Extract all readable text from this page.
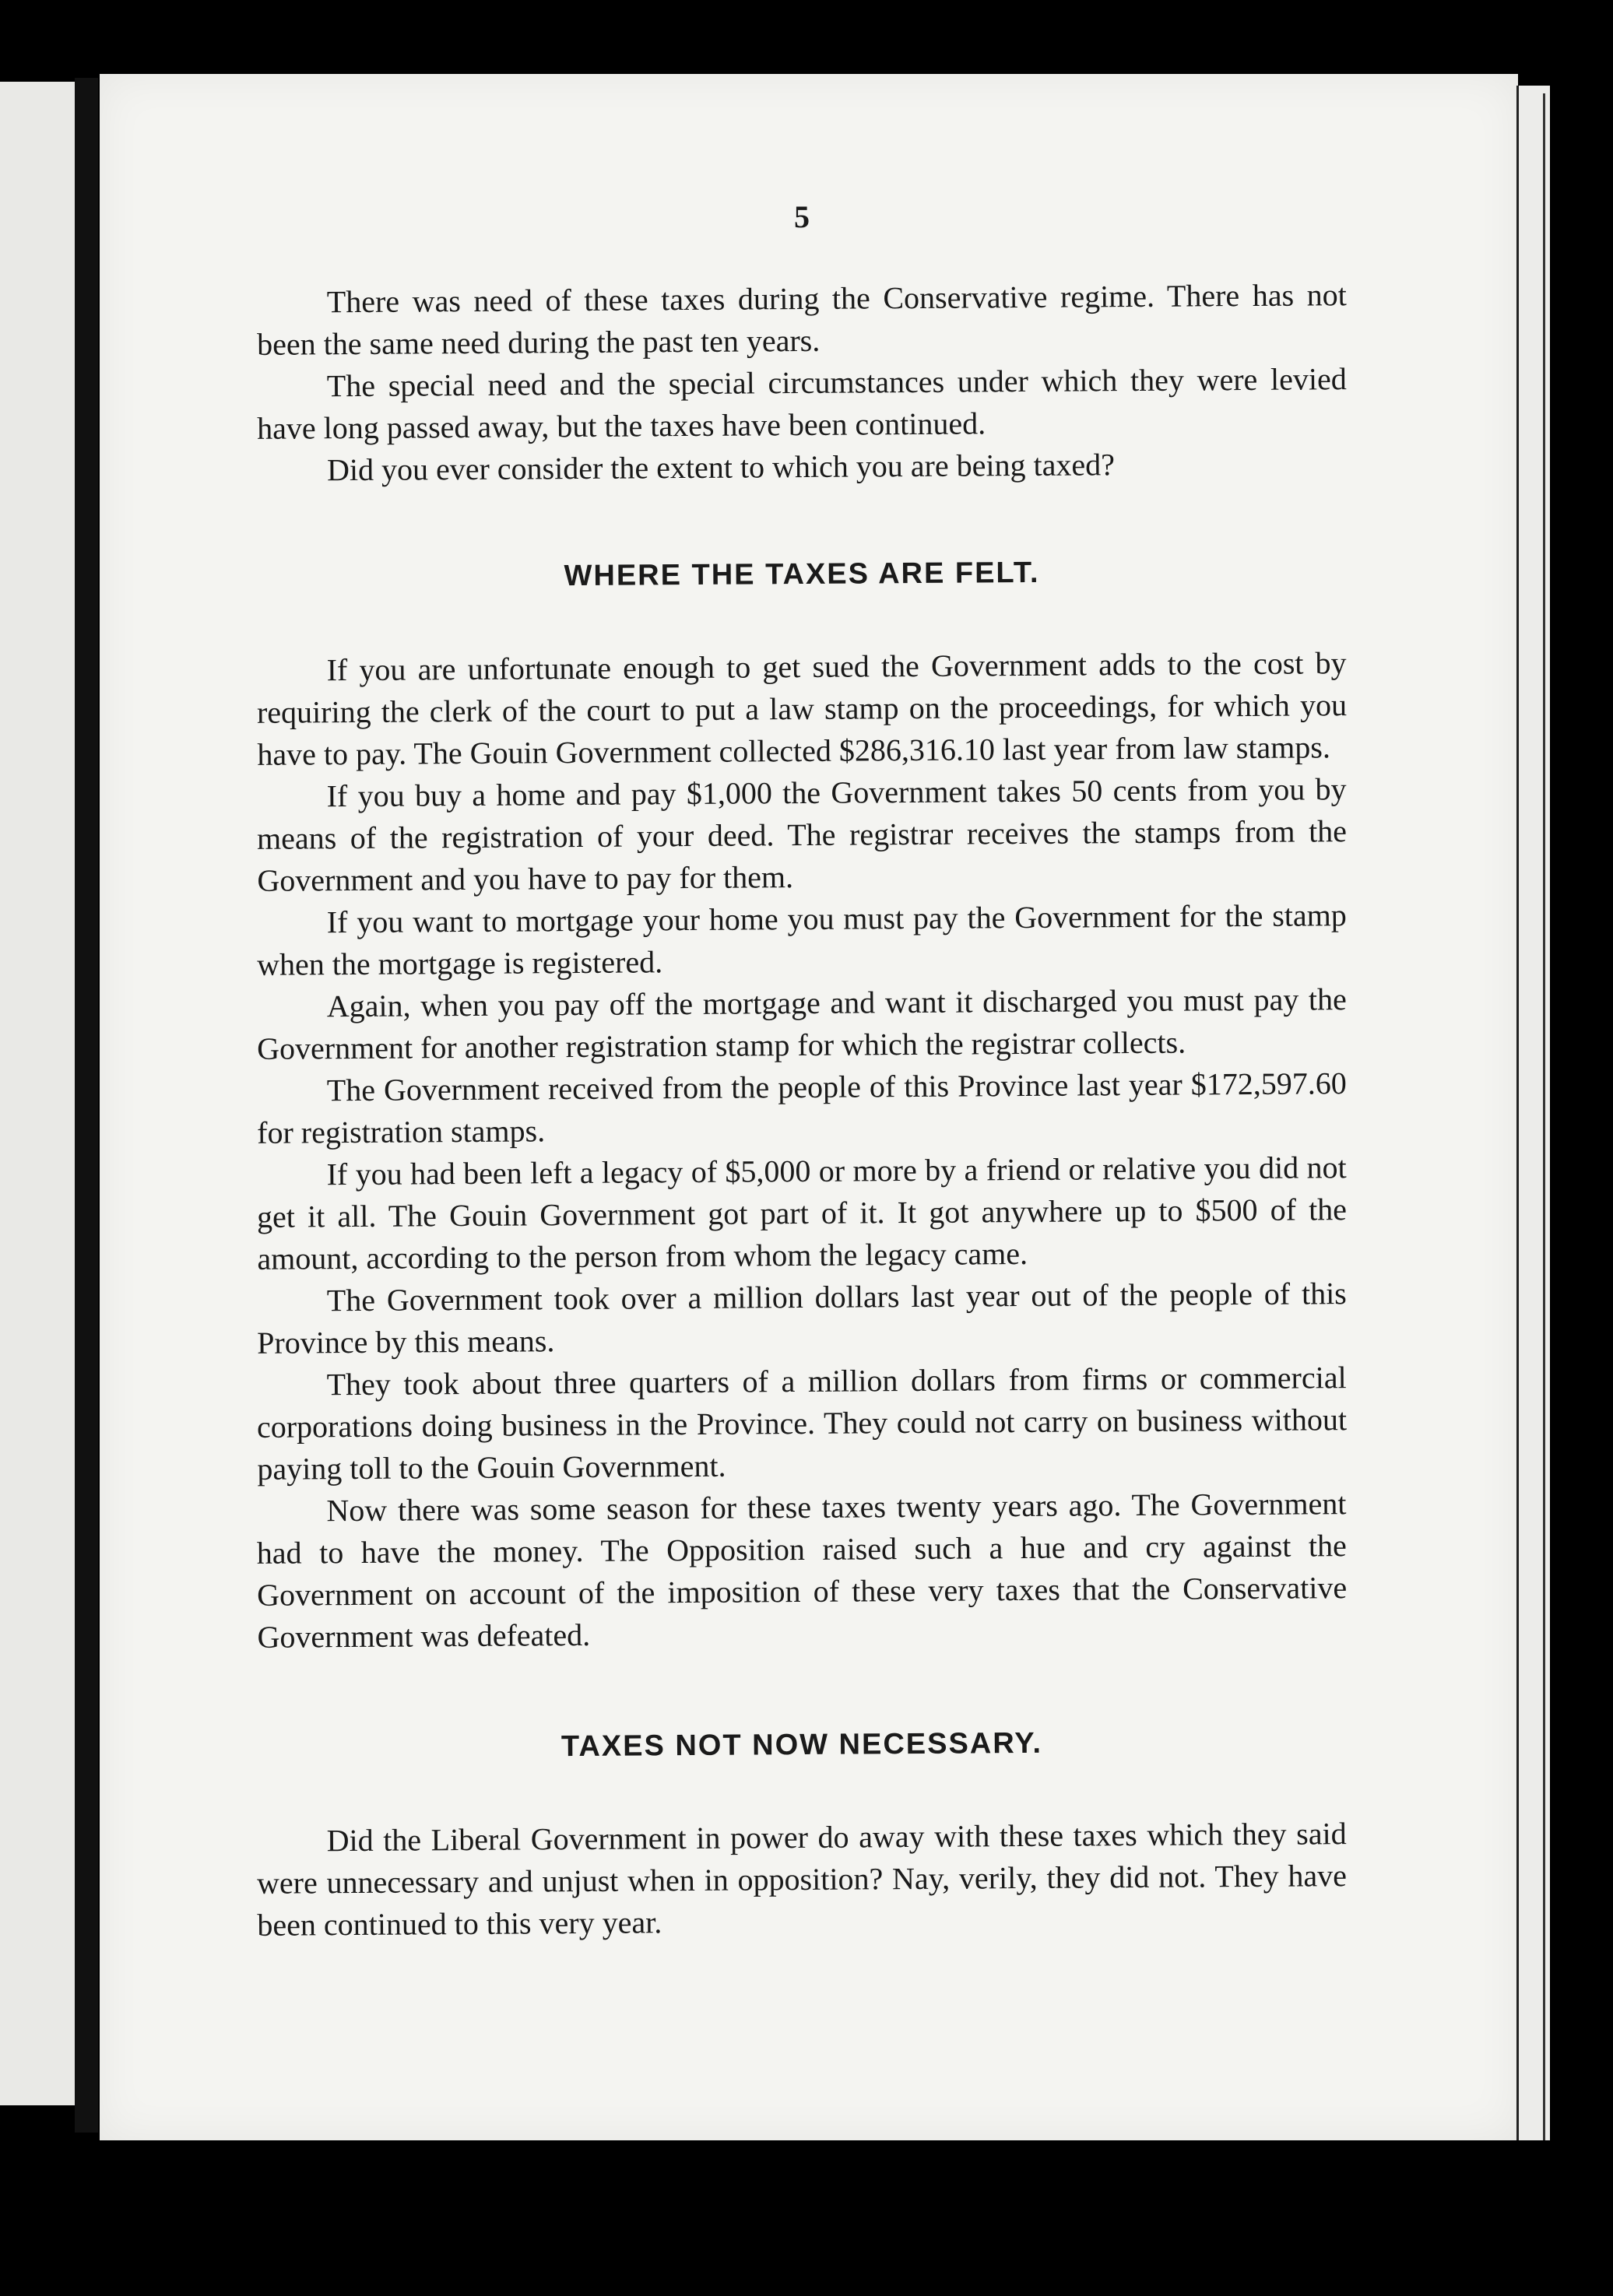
5

There was need of these taxes during the Conservative regime. There has not been the same need during the past ten years.

The special need and the special circumstances under which they were levied have long passed away, but the taxes have been continued.

Did you ever consider the extent to which you are being taxed?

WHERE THE TAXES ARE FELT.

If you are unfortunate enough to get sued the Government adds to the cost by requiring the clerk of the court to put a law stamp on the proceedings, for which you have to pay. The Gouin Government collected $286,316.10 last year from law stamps.

If you buy a home and pay $1,000 the Government takes 50 cents from you by means of the registration of your deed. The registrar receives the stamps from the Government and you have to pay for them.

If you want to mortgage your home you must pay the Government for the stamp when the mortgage is registered.

Again, when you pay off the mortgage and want it discharged you must pay the Government for another registration stamp for which the registrar collects.

The Government received from the people of this Province last year $172,597.60 for registration stamps.

If you had been left a legacy of $5,000 or more by a friend or relative you did not get it all. The Gouin Government got part of it. It got anywhere up to $500 of the amount, according to the person from whom the legacy came.

The Government took over a million dollars last year out of the people of this Province by this means.

They took about three quarters of a million dollars from firms or commercial corporations doing business in the Province. They could not carry on business without paying toll to the Gouin Government.

Now there was some season for these taxes twenty years ago. The Government had to have the money. The Opposition raised such a hue and cry against the Government on account of the imposition of these very taxes that the Conservative Government was defeated.

TAXES NOT NOW NECESSARY.

Did the Liberal Government in power do away with these taxes which they said were unnecessary and unjust when in opposition? Nay, verily, they did not. They have been continued to this very year.
